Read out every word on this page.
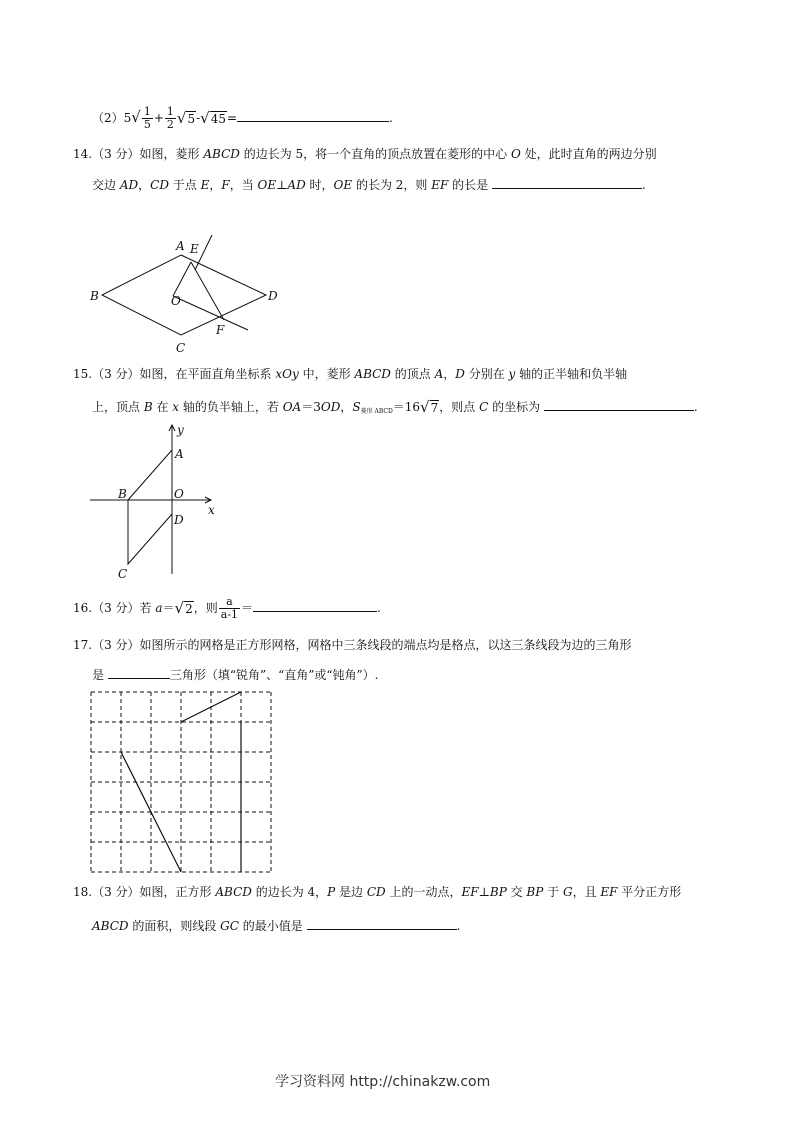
$(2)5√ \frac{1}{5} + \frac{1}{2} √5-√45=$	.
14.（3 分）如图，菱形 ABCD 的边长为 5，将一个直角的顶点放置在菱形的中心 O 处，此时直角的两边分别
交边 AD，CD 于点 E，F，当 OE⊥AD 时，OE 的长为 2，则 EF 的长是	.
A E
B	O	D
F
C
15.（3 分）如图，在平面直角坐标系 xOy 中，菱形 ABCD 的顶点 A，D 分别在 y 轴的正半轴和负半轴
上，顶点 B 在 x 轴的负半轴上，若 OA＝3OD，$S_{菱形 ABCD}=16√7$，则点 C 的坐标为	.
y
A
B	O
x
D
C
16.（3 分）若 a＝√2，则 $\frac{a}{a-1}$ ＝	.
17.（3 分）如图所示的网格是正方形网格，网格中三条线段的端点均是格点，以这三条线段为边的三角形
是	三角形（填“锐角”、“直角”或“钝角”）.
18.（3 分）如图，正方形 ABCD 的边长为 4，P 是边 CD 上的一动点，EF⊥BP 交 BP 于 G，且 EF 平分正方形
ABCD 的面积，则线段 GC 的最小值是	.
学习资料网 http://chinakzw.com
